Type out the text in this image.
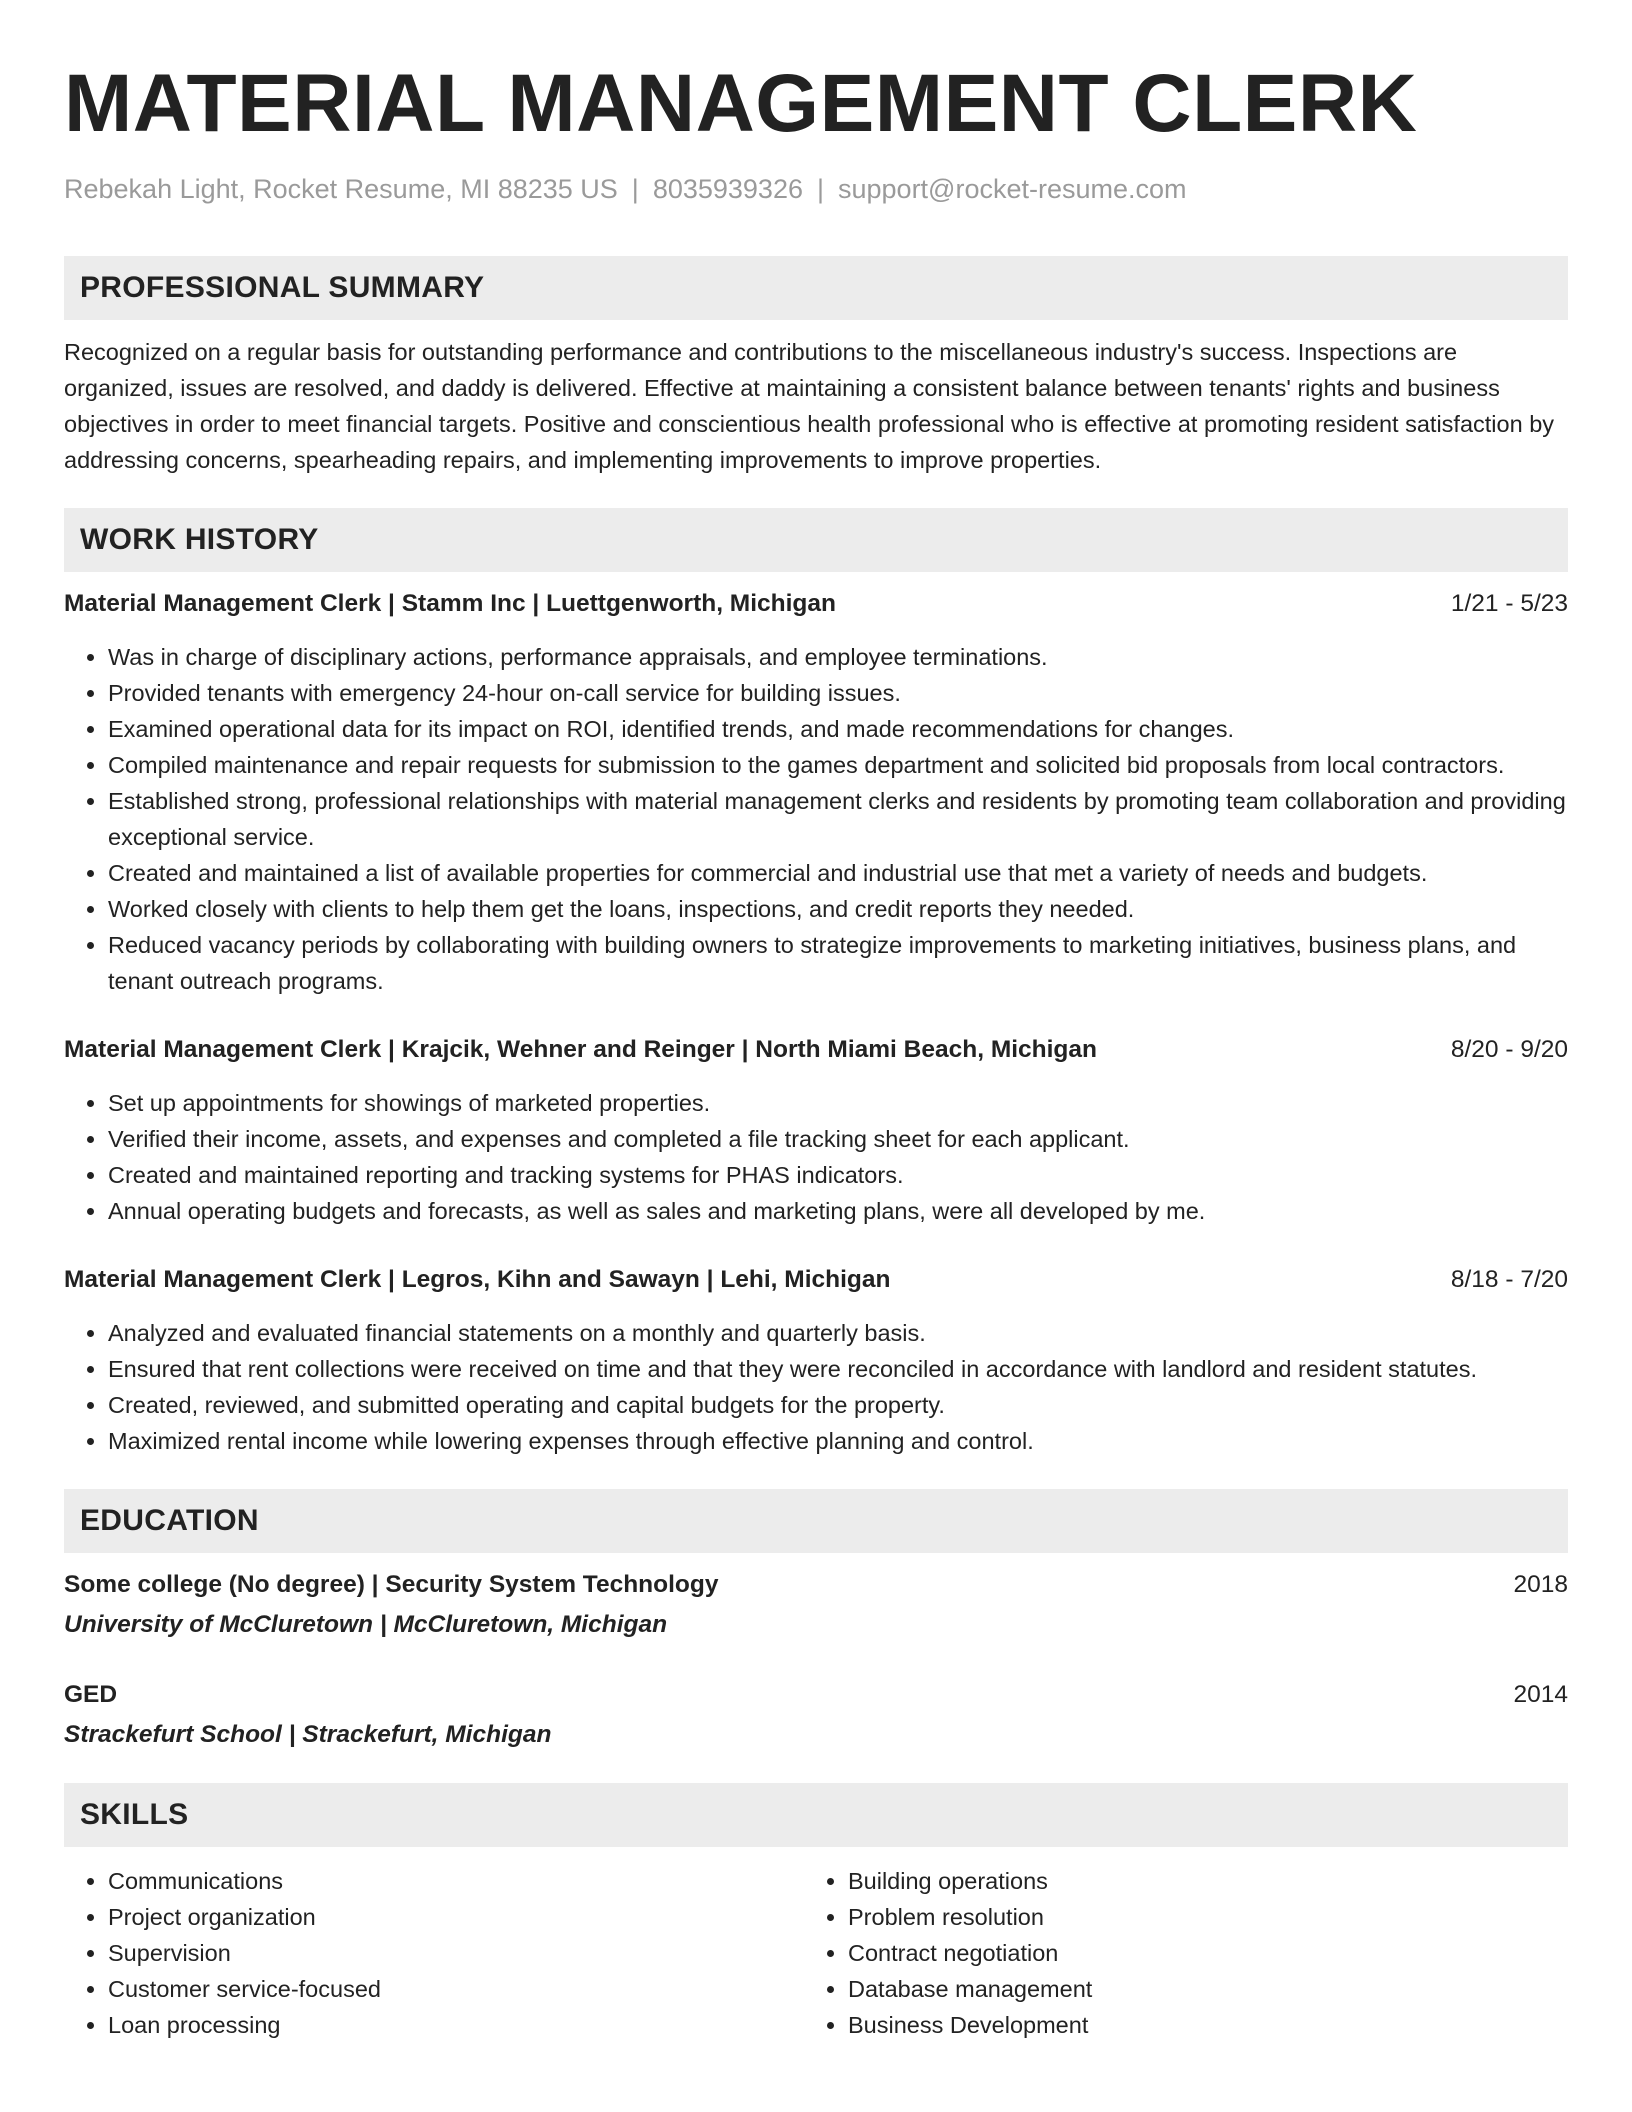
MATERIAL MANAGEMENT CLERK
Rebekah Light, Rocket Resume, MI 88235 US | 8035939326 | support@rocket-resume.com
PROFESSIONAL SUMMARY
Recognized on a regular basis for outstanding performance and contributions to the miscellaneous industry's success. Inspections are organized, issues are resolved, and daddy is delivered. Effective at maintaining a consistent balance between tenants' rights and business objectives in order to meet financial targets. Positive and conscientious health professional who is effective at promoting resident satisfaction by addressing concerns, spearheading repairs, and implementing improvements to improve properties.
WORK HISTORY
Material Management Clerk | Stamm Inc | Luettgenworth, Michigan	1/21 - 5/23
• Was in charge of disciplinary actions, performance appraisals, and employee terminations.
• Provided tenants with emergency 24-hour on-call service for building issues.
• Examined operational data for its impact on ROI, identified trends, and made recommendations for changes.
• Compiled maintenance and repair requests for submission to the games department and solicited bid proposals from local contractors.
• Established strong, professional relationships with material management clerks and residents by promoting team collaboration and providing exceptional service.
• Created and maintained a list of available properties for commercial and industrial use that met a variety of needs and budgets.
• Worked closely with clients to help them get the loans, inspections, and credit reports they needed.
• Reduced vacancy periods by collaborating with building owners to strategize improvements to marketing initiatives, business plans, and tenant outreach programs.
Material Management Clerk | Krajcik, Wehner and Reinger | North Miami Beach, Michigan	8/20 - 9/20
• Set up appointments for showings of marketed properties.
• Verified their income, assets, and expenses and completed a file tracking sheet for each applicant.
• Created and maintained reporting and tracking systems for PHAS indicators.
• Annual operating budgets and forecasts, as well as sales and marketing plans, were all developed by me.
Material Management Clerk | Legros, Kihn and Sawayn | Lehi, Michigan	8/18 - 7/20
• Analyzed and evaluated financial statements on a monthly and quarterly basis.
• Ensured that rent collections were received on time and that they were reconciled in accordance with landlord and resident statutes.
• Created, reviewed, and submitted operating and capital budgets for the property.
• Maximized rental income while lowering expenses through effective planning and control.
EDUCATION
Some college (No degree) | Security System Technology	2018
University of McCluretown | McCluretown, Michigan
GED	2014
Strackefurt School | Strackefurt, Michigan
SKILLS
• Communications
• Project organization
• Supervision
• Customer service-focused
• Loan processing
• Building operations
• Problem resolution
• Contract negotiation
• Database management
• Business Development
